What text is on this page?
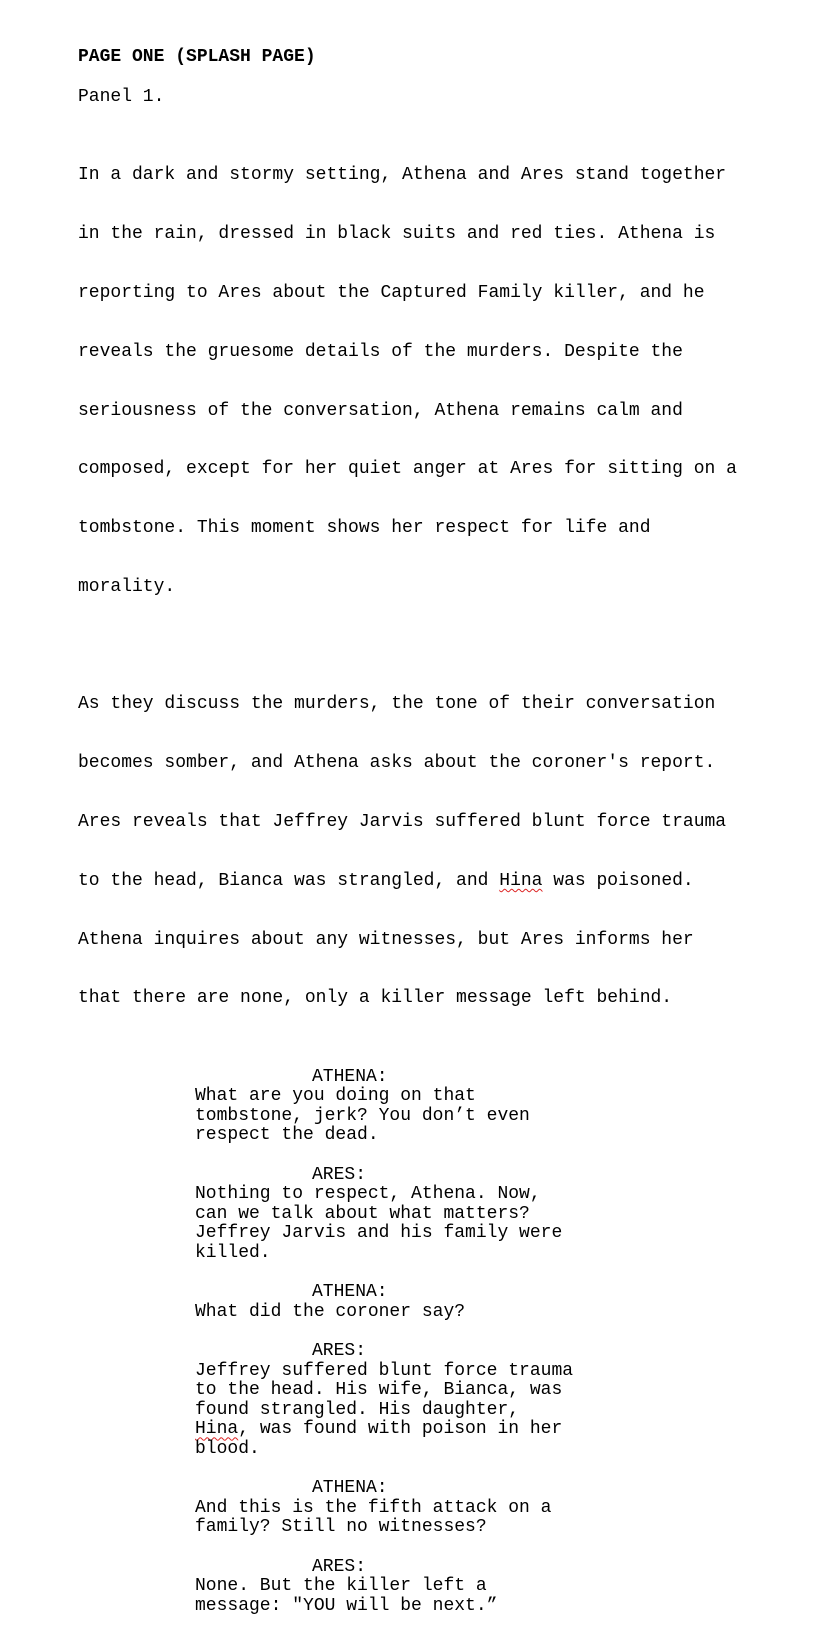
PAGE ONE (SPLASH PAGE)
Panel 1.

In a dark and stormy setting, Athena and Ares stand together

in the rain, dressed in black suits and red ties. Athena is

reporting to Ares about the Captured Family killer, and he

reveals the gruesome details of the murders. Despite the

seriousness of the conversation, Athena remains calm and

composed, except for her quiet anger at Ares for sitting on a

tombstone. This moment shows her respect for life and

morality.

As they discuss the murders, the tone of their conversation

becomes somber, and Athena asks about the coroner's report.

Ares reveals that Jeffrey Jarvis suffered blunt force trauma

to the head, Bianca was strangled, and Hina was poisoned.

Athena inquires about any witnesses, but Ares informs her

that there are none, only a killer message left behind.

ATHENA:
What are you doing on that
tombstone, jerk? You don’t even
respect the dead.
ARES:
Nothing to respect, Athena. Now,
can we talk about what matters?
Jeffrey Jarvis and his family were
killed.
ATHENA:
What did the coroner say?
ARES:
Jeffrey suffered blunt force trauma
to the head. His wife, Bianca, was
found strangled. His daughter,
Hina, was found with poison in her
blood.
ATHENA:
And this is the fifth attack on a
family? Still no witnesses?
ARES:
None. But the killer left a
message: "YOU will be next.”
